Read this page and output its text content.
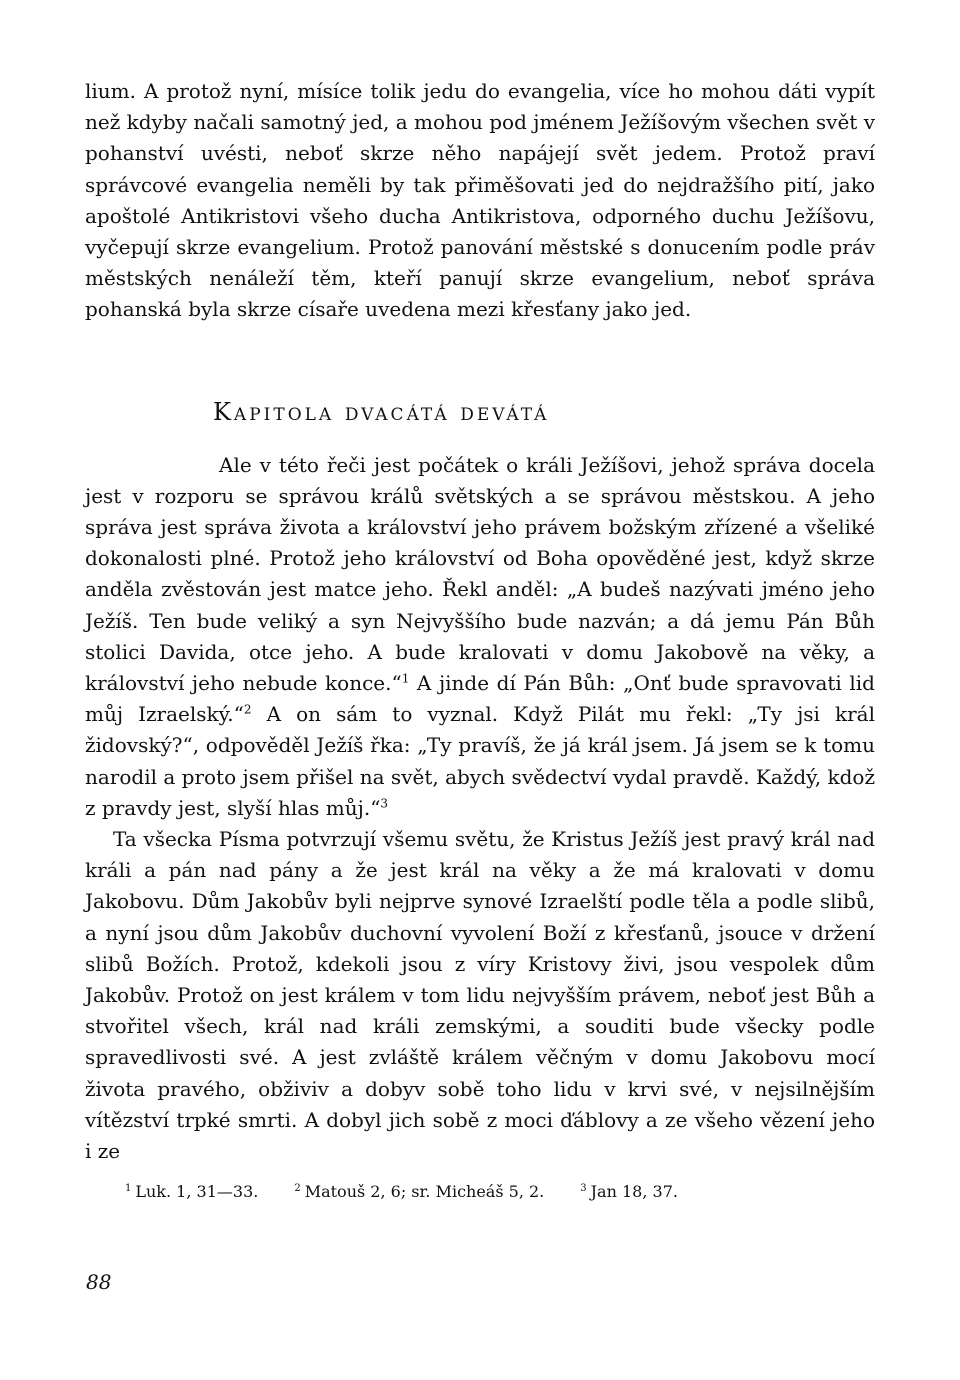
lium. A protož nyní, mísíce tolik jedu do evangelia, více ho mohou dáti vypít než kdyby načali samotný jed, a mohou pod jménem Ježíšovým všechen svět v pohanství uvésti, neboť skrze něho napájejí svět jedem. Protož praví správcové evangelia neměli by tak přiměšovati jed do nejdražšího pití, jako apoštolé Antikristovi všeho ducha Antikristova, odporného duchu Ježíšovu, vyčepují skrze evangelium. Protož panování městské s donucením podle práv městských nenáleží těm, kteří panují skrze evangelium, neboť správa pohanská byla skrze císaře uvedena mezi křesťany jako jed.

Kapitola dvacátá devátá

Ale v této řeči jest počátek o králi Ježíšovi, jehož správa docela jest v rozporu se správou králů světských a se správou městskou. A jeho správa jest správa života a království jeho právem božským zřízené a všeliké dokonalosti plné. Protož jeho království od Boha opověděné jest, když skrze anděla zvěstován jest matce jeho. Řekl anděl: „A budeš nazývati jméno jeho Ježíš. Ten bude veliký a syn Nejvyššího bude nazván; a dá jemu Pán Bůh stolici Davida, otce jeho. A bude kralovati v domu Jakobově na věky, a království jeho nebude konce.“$^1$ A jinde dí Pán Bůh: „Onť bude spravovati lid můj Izraelský.“$^2$ A on sám to vyznal. Když Pilát mu řekl: „Ty jsi král židovský?“, odpověděl Ježíš řka: „Ty pravíš, že já král jsem. Já jsem se k tomu narodil a proto jsem přišel na svět, abych svědectví vydal pravdě. Každý, kdož z pravdy jest, slyší hlas můj.“$^3$

Ta všecka Písma potvrzují všemu světu, že Kristus Ježíš jest pravý král nad králi a pán nad pány a že jest král na věky a že má kralovati v domu Jakobovu. Dům Jakobův byli nejprve synové Izraelští podle těla a podle slibů, a nyní jsou dům Jakobův duchovní vyvolení Boží z křesťanů, jsouce v držení slibů Božích. Protož, kdekoli jsou z víry Kristovy živi, jsou vespolek dům Jakobův. Protož on jest králem v tom lidu nejvyšším právem, neboť jest Bůh a stvořitel všech, král nad králi zemskými, a souditi bude všecky podle spravedlivosti své. A jest zvláště králem věčným v domu Jakobovu mocí života pravého, obživiv a dobyv sobě toho lidu v krvi své, v nejsilnějším vítězství trpké smrti. A dobyl jich sobě z moci ďáblovy a ze všeho vězení jeho i ze

$^1$ Luk. 1, 31—33.	$^2$ Matouš 2, 6; sr. Micheáš 5, 2.	$^3$ Jan 18, 37.
88
